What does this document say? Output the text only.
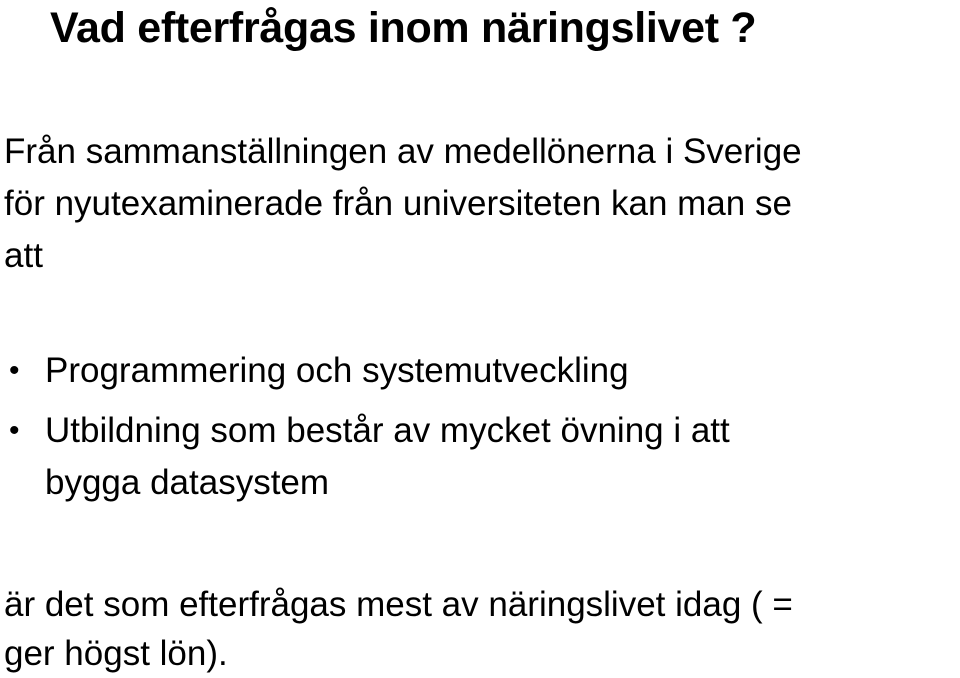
Vad efterfrågas inom näringslivet ?

Från sammanställningen av medellönerna i Sverige
för nyutexaminerade från universiteten kan man se
att

• Programmering och systemutveckling
• Utbildning som består av mycket övning i att
bygga datasystem

är det som efterfrågas mest av näringslivet idag ( =
ger högst lön).
